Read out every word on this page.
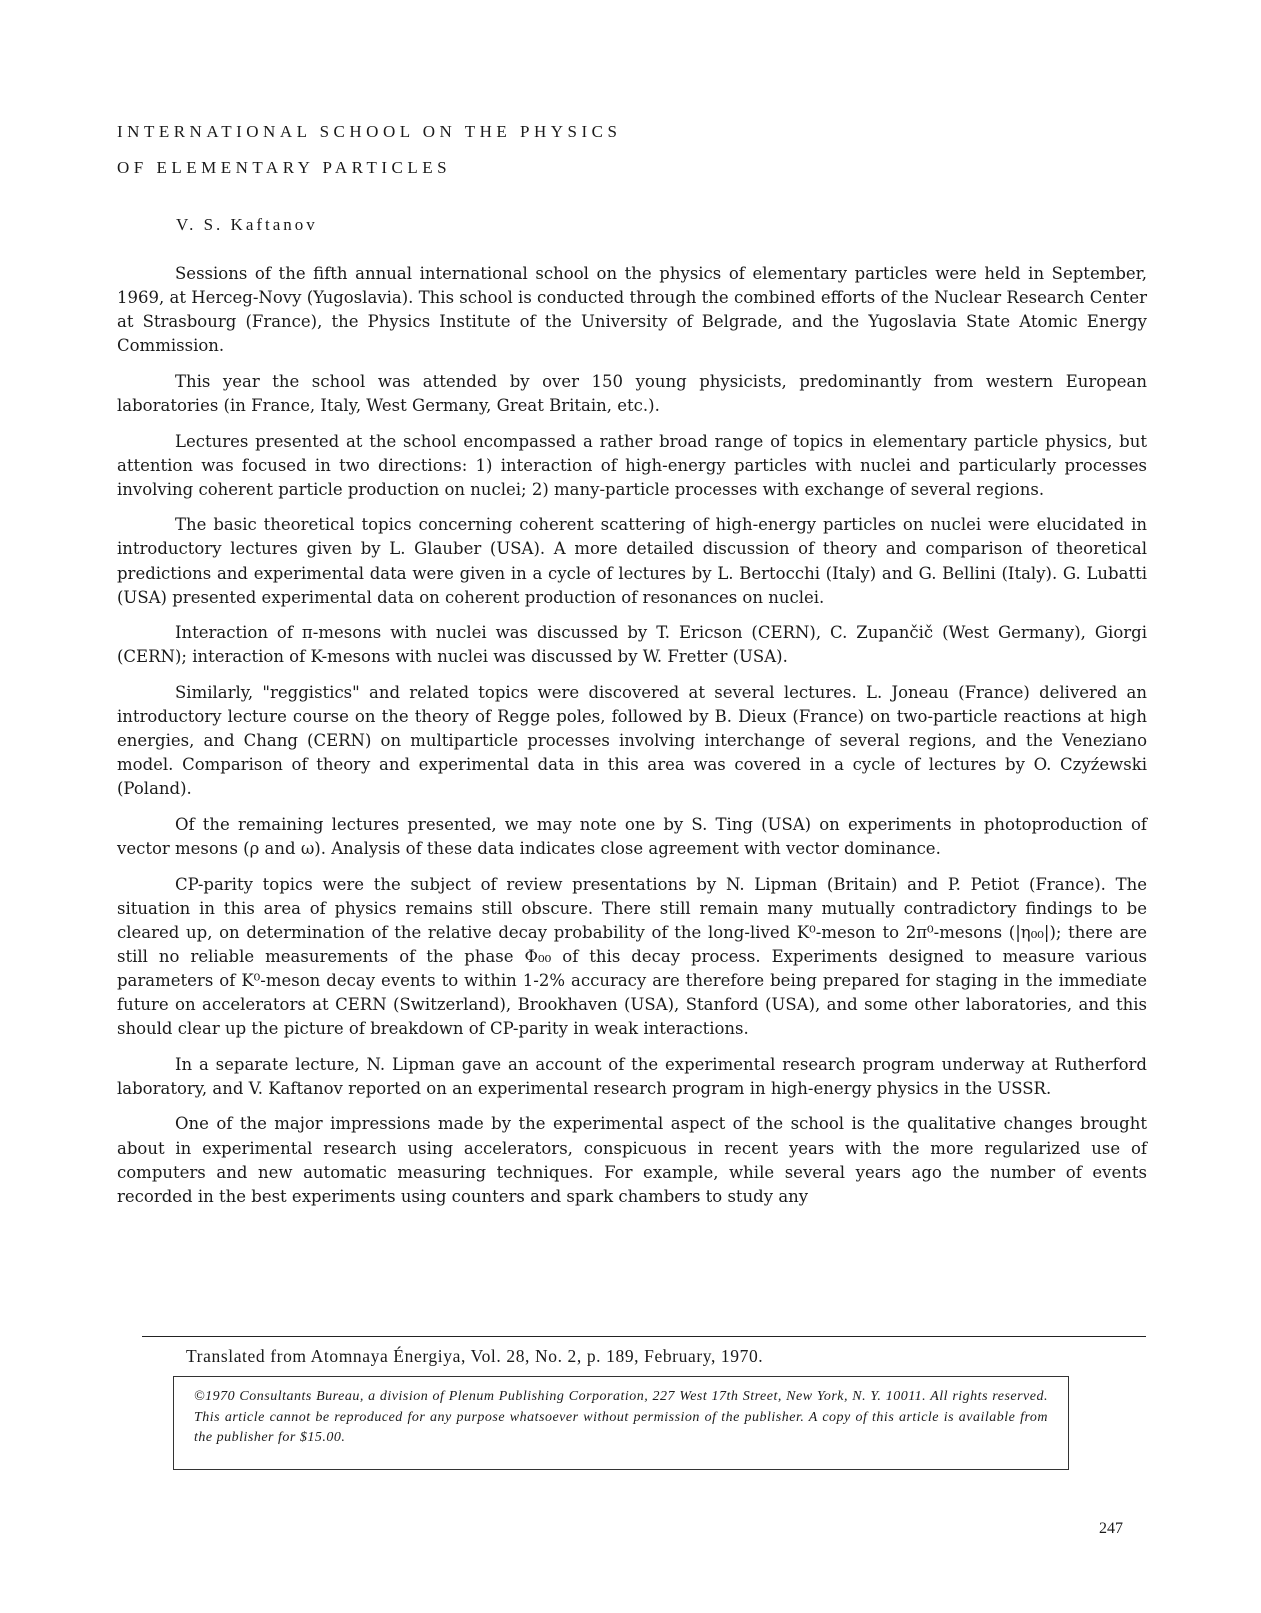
INTERNATIONAL SCHOOL ON THE PHYSICS
OF ELEMENTARY PARTICLES
V. S. Kaftanov

Sessions of the fifth annual international school on the physics of elementary particles were held in September, 1969, at Herceg-Novy (Yugoslavia). This school is conducted through the combined efforts of the Nuclear Research Center at Strasbourg (France), the Physics Institute of the University of Belgrade, and the Yugoslavia State Atomic Energy Commission.

This year the school was attended by over 150 young physicists, predominantly from western European laboratories (in France, Italy, West Germany, Great Britain, etc.).

Lectures presented at the school encompassed a rather broad range of topics in elementary particle physics, but attention was focused in two directions: 1) interaction of high-energy particles with nuclei and particularly processes involving coherent particle production on nuclei; 2) many-particle processes with exchange of several regions.

The basic theoretical topics concerning coherent scattering of high-energy particles on nuclei were elucidated in introductory lectures given by L. Glauber (USA). A more detailed discussion of theory and comparison of theoretical predictions and experimental data were given in a cycle of lectures by L. Bertocchi (Italy) and G. Bellini (Italy). G. Lubatti (USA) presented experimental data on coherent production of resonances on nuclei.

Interaction of π-mesons with nuclei was discussed by T. Ericson (CERN), C. Zupančič (West Germany), Giorgi (CERN); interaction of K-mesons with nuclei was discussed by W. Fretter (USA).

Similarly, "reggistics" and related topics were discovered at several lectures. L. Joneau (France) delivered an introductory lecture course on the theory of Regge poles, followed by B. Dieux (France) on two-particle reactions at high energies, and Chang (CERN) on multiparticle processes involving interchange of several regions, and the Veneziano model. Comparison of theory and experimental data in this area was covered in a cycle of lectures by O. Czyźewski (Poland).

Of the remaining lectures presented, we may note one by S. Ting (USA) on experiments in photoproduction of vector mesons (ρ and ω). Analysis of these data indicates close agreement with vector dominance.

CP-parity topics were the subject of review presentations by N. Lipman (Britain) and P. Petiot (France). The situation in this area of physics remains still obscure. There still remain many mutually contradictory findings to be cleared up, on determination of the relative decay probability of the long-lived K⁰-meson to 2π⁰-mesons (|η₀₀|); there are still no reliable measurements of the phase Φ₀₀ of this decay process. Experiments designed to measure various parameters of K⁰-meson decay events to within 1-2% accuracy are therefore being prepared for staging in the immediate future on accelerators at CERN (Switzerland), Brookhaven (USA), Stanford (USA), and some other laboratories, and this should clear up the picture of breakdown of CP-parity in weak interactions.

In a separate lecture, N. Lipman gave an account of the experimental research program underway at Rutherford laboratory, and V. Kaftanov reported on an experimental research program in high-energy physics in the USSR.

One of the major impressions made by the experimental aspect of the school is the qualitative changes brought about in experimental research using accelerators, conspicuous in recent years with the more regularized use of computers and new automatic measuring techniques. For example, while several years ago the number of events recorded in the best experiments using counters and spark chambers to study any

Translated from Atomnaya Énergiya, Vol. 28, No. 2, p. 189, February, 1970.
©1970 Consultants Bureau, a division of Plenum Publishing Corporation, 227 West 17th Street, New York, N. Y. 10011. All rights reserved. This article cannot be reproduced for any purpose whatsoever without permission of the publisher. A copy of this article is available from the publisher for $15.00.
247
